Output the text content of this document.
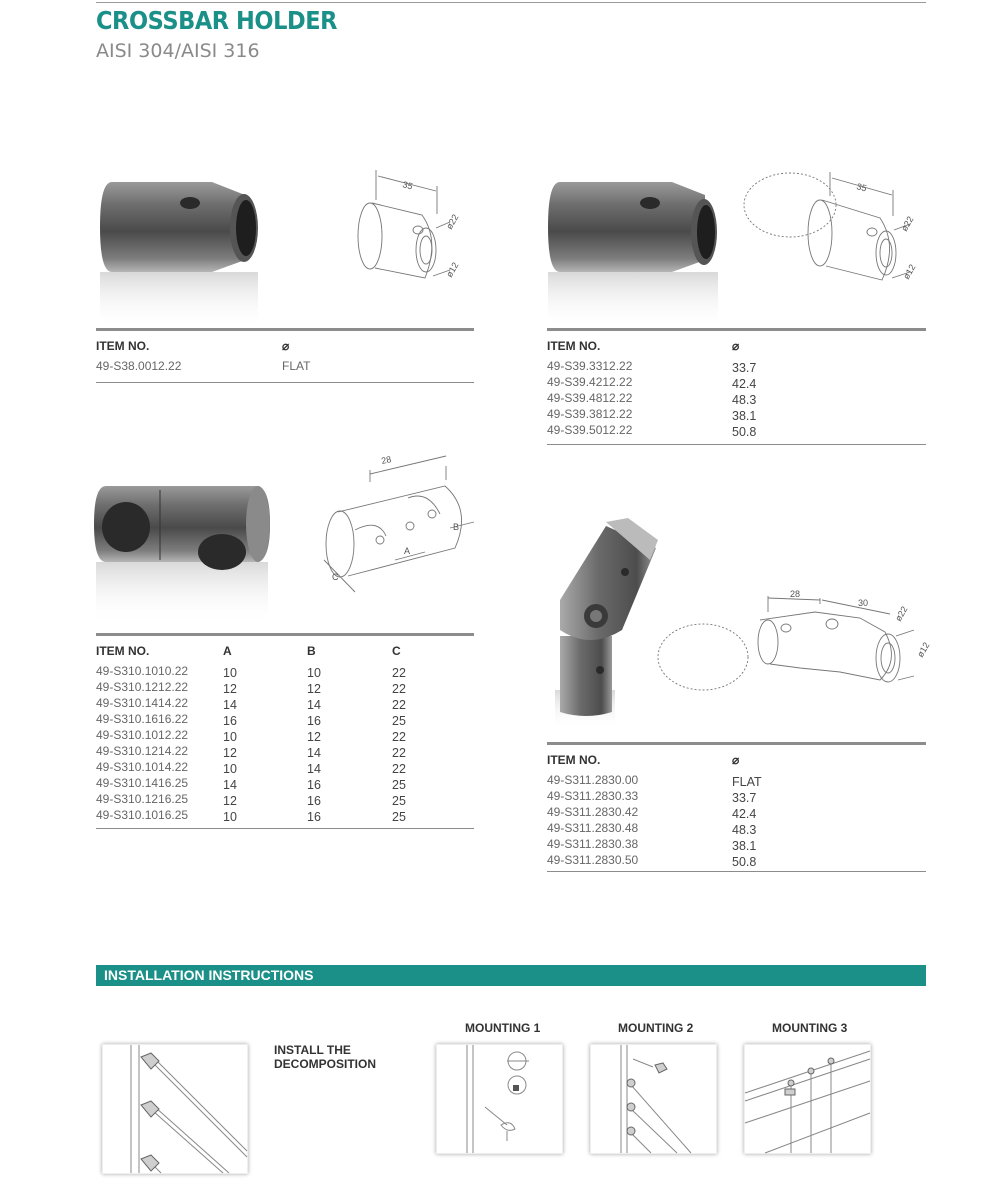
CROSSBAR HOLDER
AISI 304/AISI 316
35
ø22
ø12
35
ø22
ø12
28
A
B
C
28
30
ø22
ø12
ITEM NO.	⌀
49-S38.0012.22	FLAT
ITEM NO.	⌀
49-S39.3312.22	33.7
49-S39.4212.22	42.4
49-S39.4812.22	48.3
49-S39.3812.22	38.1
49-S39.5012.22	50.8
ITEM NO.	A	B	C
49-S310.1010.22	10	10	22
49-S310.1212.22	12	12	22
49-S310.1414.22	14	14	22
49-S310.1616.22	16	16	25
49-S310.1012.22	10	12	22
49-S310.1214.22	12	14	22
49-S310.1014.22	10	14	22
49-S310.1416.25	14	16	25
49-S310.1216.25	12	16	25
49-S310.1016.25	10	16	25
ITEM NO.	⌀
49-S311.2830.00	FLAT
49-S311.2830.33	33.7
49-S311.2830.42	42.4
49-S311.2830.48	48.3
49-S311.2830.38	38.1
49-S311.2830.50	50.8
INSTALLATION INSTRUCTIONS
INSTALL THE DECOMPOSITION
MOUNTING 1	MOUNTING 2	MOUNTING 3
